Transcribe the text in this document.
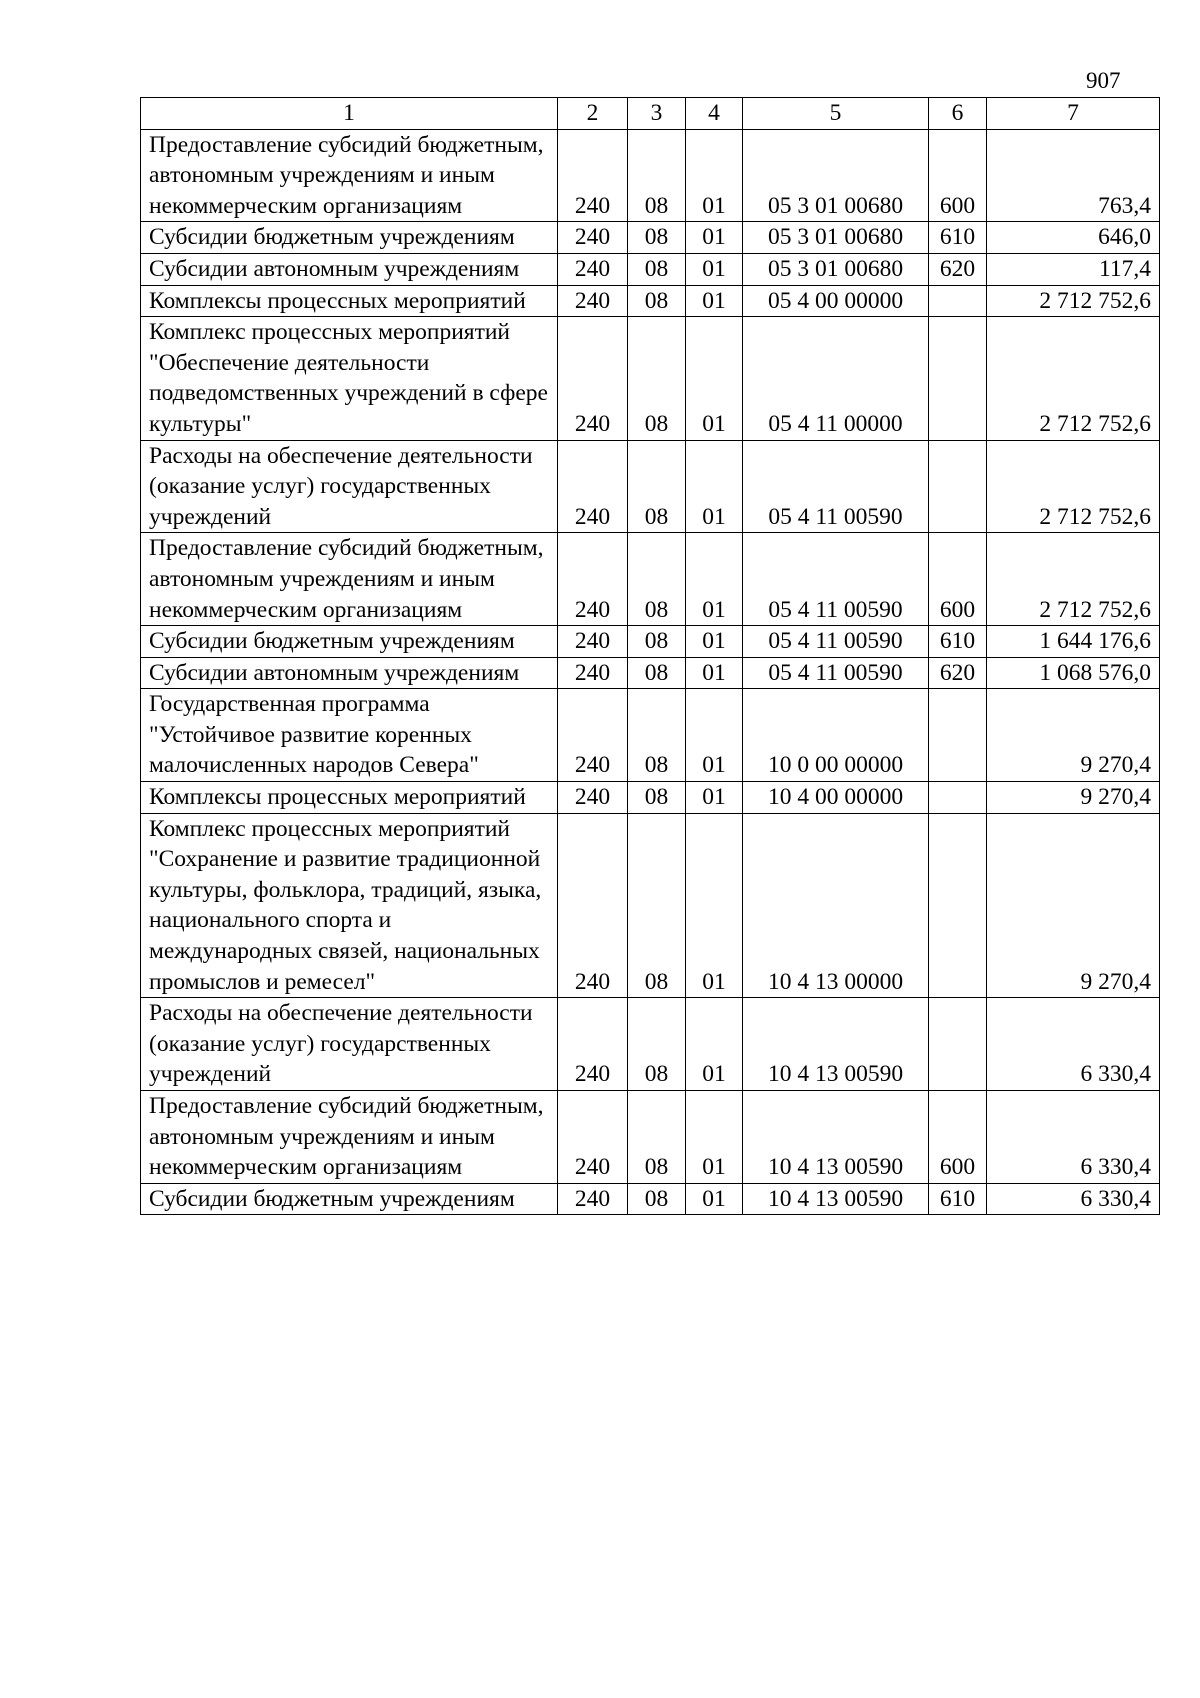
907
1	2	3	4	5	6	7
Предоставление субсидий бюджетным, автономным учреждениям и иным некоммерческим организациям	240	08	01	05 3 01 00680	600	763,4
Субсидии бюджетным учреждениям	240	08	01	05 3 01 00680	610	646,0
Субсидии автономным учреждениям	240	08	01	05 3 01 00680	620	117,4
Комплексы процессных мероприятий	240	08	01	05 4 00 00000		2 712 752,6
Комплекс процессных мероприятий "Обеспечение деятельности подведомственных учреждений в сфере культуры"	240	08	01	05 4 11 00000		2 712 752,6
Расходы на обеспечение деятельности (оказание услуг) государственных учреждений	240	08	01	05 4 11 00590		2 712 752,6
Предоставление субсидий бюджетным, автономным учреждениям и иным некоммерческим организациям	240	08	01	05 4 11 00590	600	2 712 752,6
Субсидии бюджетным учреждениям	240	08	01	05 4 11 00590	610	1 644 176,6
Субсидии автономным учреждениям	240	08	01	05 4 11 00590	620	1 068 576,0
Государственная программа "Устойчивое развитие коренных малочисленных народов Севера"	240	08	01	10 0 00 00000		9 270,4
Комплексы процессных мероприятий	240	08	01	10 4 00 00000		9 270,4
Комплекс процессных мероприятий "Сохранение и развитие традиционной культуры, фольклора, традиций, языка, национального спорта и международных связей, национальных промыслов и ремесел"	240	08	01	10 4 13 00000		9 270,4
Расходы на обеспечение деятельности (оказание услуг) государственных учреждений	240	08	01	10 4 13 00590		6 330,4
Предоставление субсидий бюджетным, автономным учреждениям и иным некоммерческим организациям	240	08	01	10 4 13 00590	600	6 330,4
Субсидии бюджетным учреждениям	240	08	01	10 4 13 00590	610	6 330,4
